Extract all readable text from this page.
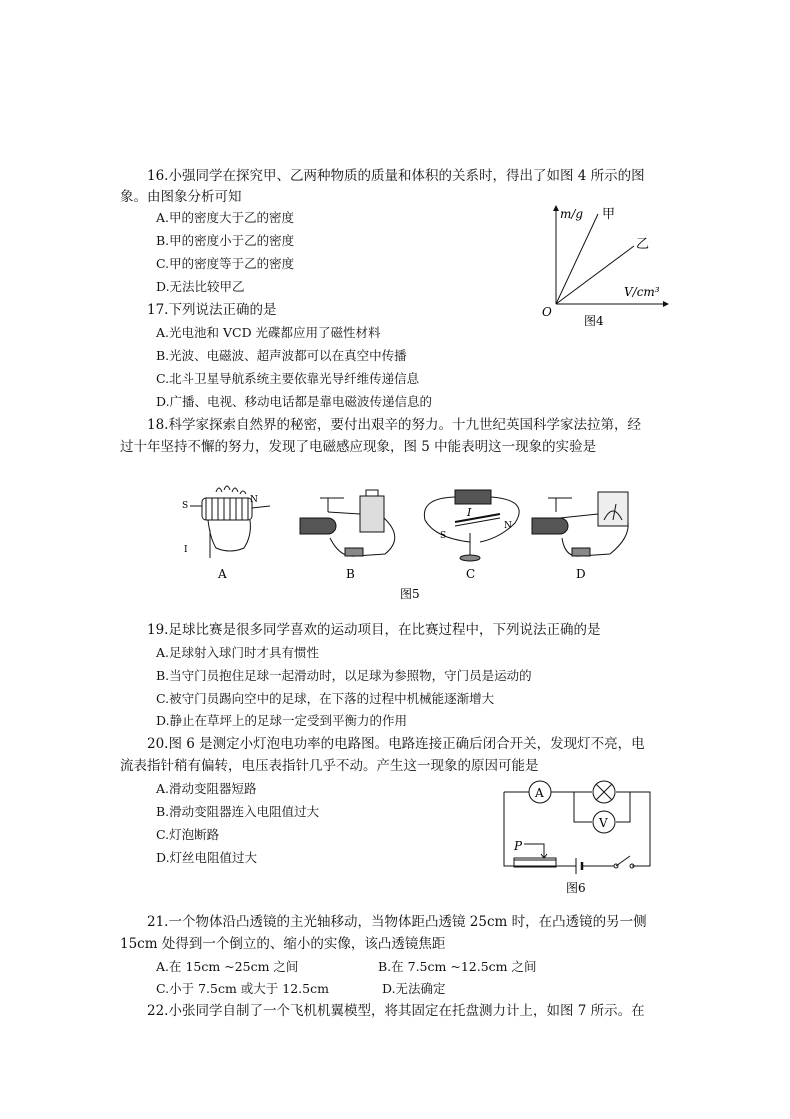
16.小强同学在探究甲、乙两种物质的质量和体积的关系时，得出了如图 4 所示的图
象。由图象分析可知
A.甲的密度大于乙的密度
B.甲的密度小于乙的密度
C.甲的密度等于乙的密度
D.无法比较甲乙
m/g 甲
乙
V/cm³
O
图4
17.下列说法正确的是
A.光电池和 VCD 光碟都应用了磁性材料
B.光波、电磁波、超声波都可以在真空中传播
C.北斗卫星导航系统主要依靠光导纤维传递信息
D.广播、电视、移动电话都是靠电磁波传递信息的
18.科学家探索自然界的秘密，要付出艰辛的努力。十九世纪英国科学家法拉第，经
过十年坚持不懈的努力，发现了电磁感应现象，图 5 中能表明这一现象的实验是
S
N
I
I
S
N
A	B	C	D
图5
19.足球比赛是很多同学喜欢的运动项目，在比赛过程中，下列说法正确的是
A.足球射入球门时才具有惯性
B.当守门员抱住足球一起滑动时，以足球为参照物，守门员是运动的
C.被守门员踢向空中的足球，在下落的过程中机械能逐渐增大
D.静止在草坪上的足球一定受到平衡力的作用
20.图 6 是测定小灯泡电功率的电路图。电路连接正确后闭合开关，发现灯不亮，电
流表指针稍有偏转，电压表指针几乎不动。产生这一现象的原因可能是
A.滑动变阻器短路
B.滑动变阻器连入电阻值过大
C.灯泡断路
D.灯丝电阻值过大
A
V
P
图6
21.一个物体沿凸透镜的主光轴移动，当物体距凸透镜 25cm 时，在凸透镜的另一侧
15cm 处得到一个倒立的、缩小的实像，该凸透镜焦距
A.在 15cm ~25cm 之间	B.在 7.5cm ~12.5cm 之间
C.小于 7.5cm 或大于 12.5cm	D.无法确定
22.小张同学自制了一个飞机机翼模型，将其固定在托盘测力计上，如图 7 所示。在
